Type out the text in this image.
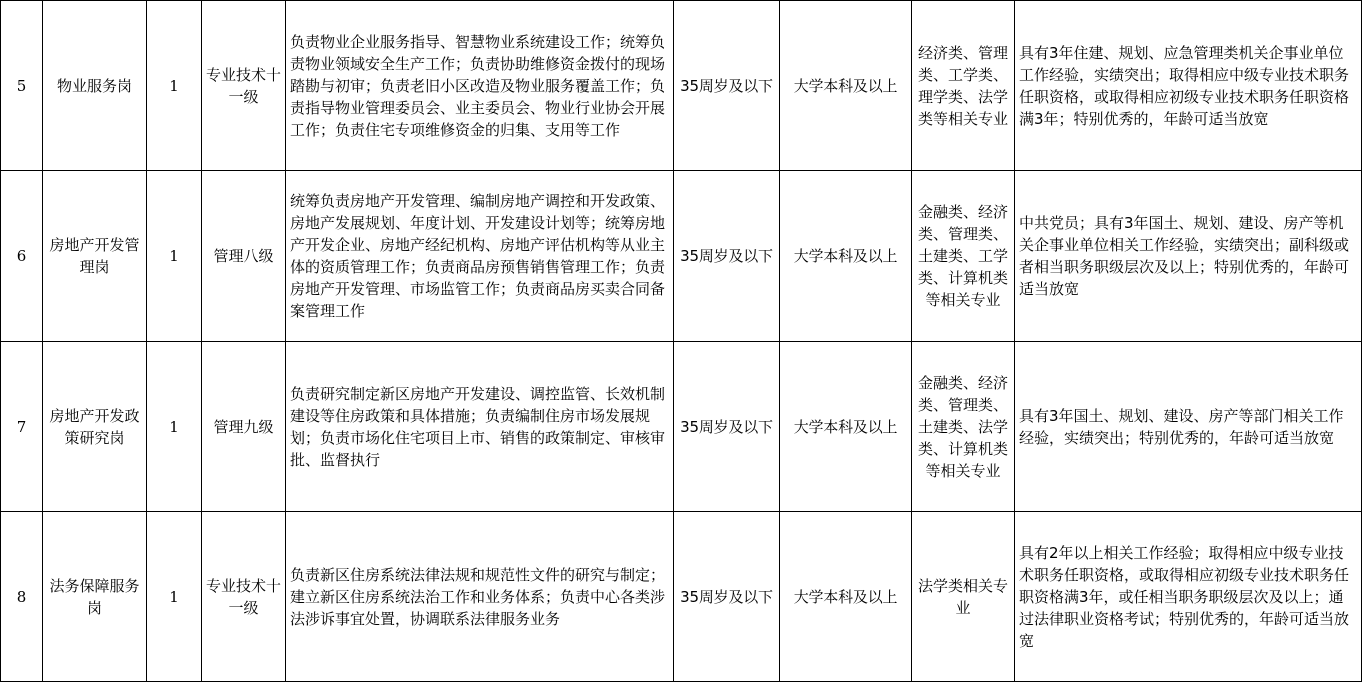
5	物业服务岗	1	专业技术十一级	负责物业企业服务指导、智慧物业系统建设工作；统筹负责物业领域安全生产工作；负责协助维修资金拨付的现场踏勘与初审；负责老旧小区改造及物业服务覆盖工作；负责指导物业管理委员会、业主委员会、物业行业协会开展工作；负责住宅专项维修资金的归集、支用等工作	35周岁及以下	大学本科及以上	经济类、管理类、工学类、理学类、法学类等相关专业	具有3年住建、规划、应急管理类机关企事业单位工作经验，实绩突出；取得相应中级专业技术职务任职资格，或取得相应初级专业技术职务任职资格满3年；特别优秀的，年龄可适当放宽

6	房地产开发管理岗	1	管理八级	统筹负责房地产开发管理、编制房地产调控和开发政策、房地产发展规划、年度计划、开发建设计划等；统筹房地产开发企业、房地产经纪机构、房地产评估机构等从业主体的资质管理工作；负责商品房预售销售管理工作；负责房地产开发管理、市场监管工作；负责商品房买卖合同备案管理工作	35周岁及以下	大学本科及以上	金融类、经济类、管理类、土建类、工学类、计算机类等相关专业	中共党员；具有3年国土、规划、建设、房产等机关企事业单位相关工作经验，实绩突出；副科级或者相当职务职级层次及以上；特别优秀的，年龄可适当放宽

7	房地产开发政策研究岗	1	管理九级	负责研究制定新区房地产开发建设、调控监管、长效机制建设等住房政策和具体措施；负责编制住房市场发展规划；负责市场化住宅项目上市、销售的政策制定、审核审批、监督执行	35周岁及以下	大学本科及以上	金融类、经济类、管理类、土建类、法学类、计算机类等相关专业	具有3年国土、规划、建设、房产等部门相关工作经验，实绩突出；特别优秀的，年龄可适当放宽

8	法务保障服务岗	1	专业技术十一级	负责新区住房系统法律法规和规范性文件的研究与制定；建立新区住房系统法治工作和业务体系；负责中心各类涉法涉诉事宜处置，协调联系法律服务业务	35周岁及以下	大学本科及以上	法学类相关专业	具有2年以上相关工作经验；取得相应中级专业技术职务任职资格，或取得相应初级专业技术职务任职资格满3年，或任相当职务职级层次及以上；通过法律职业资格考试；特别优秀的，年龄可适当放宽
